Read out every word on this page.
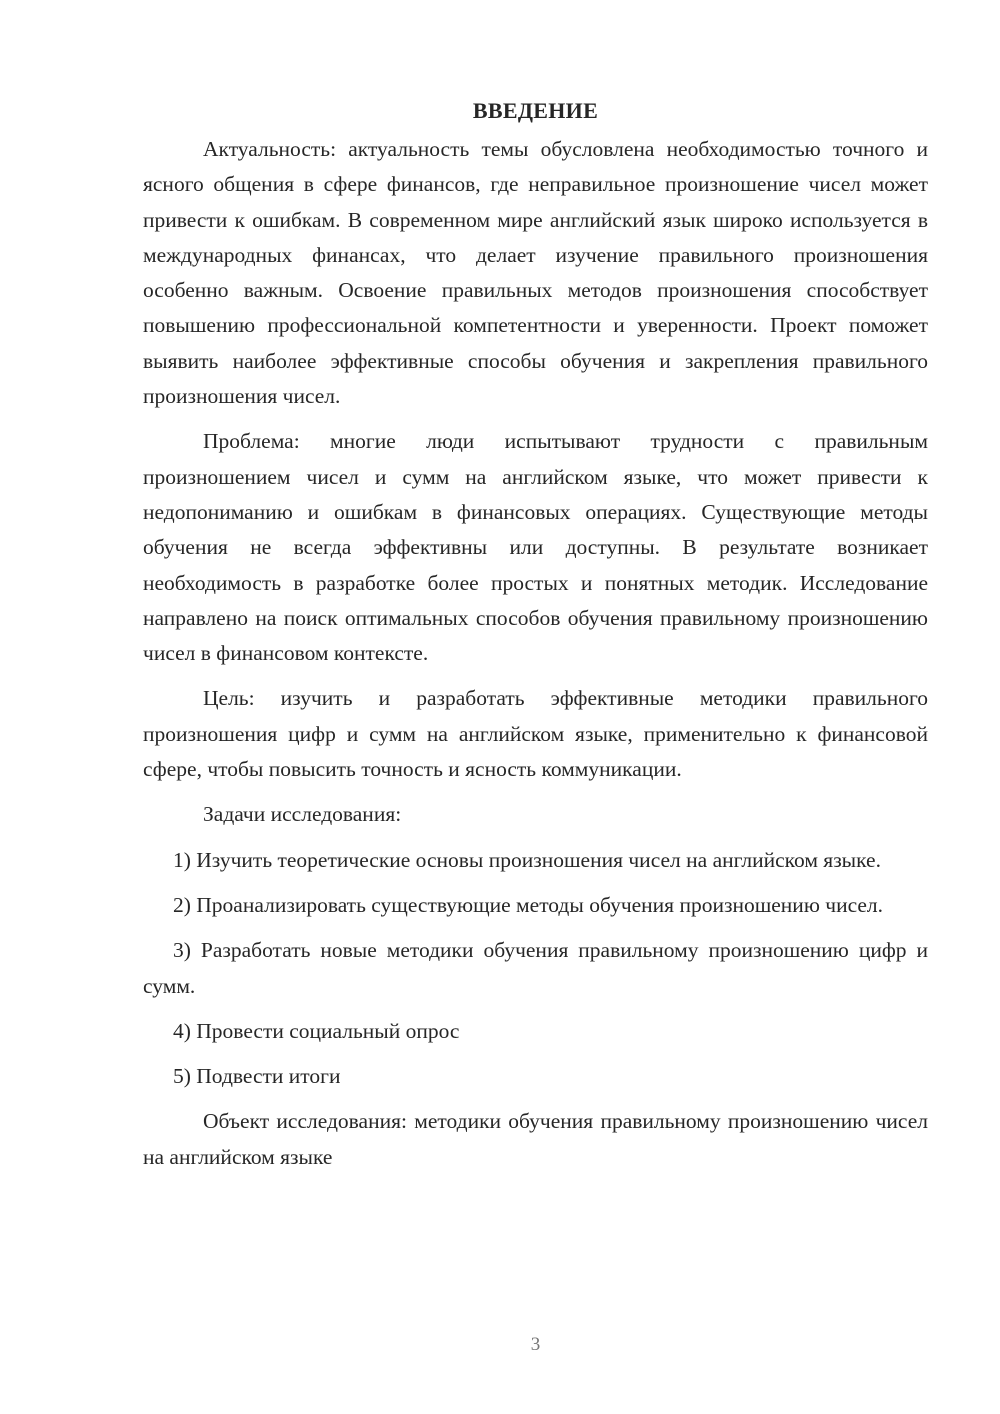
ВВЕДЕНИЕ

Актуальность: актуальность темы обусловлена необходимостью точного и ясного общения в сфере финансов, где неправильное произношение чисел может привести к ошибкам. В современном мире английский язык широко используется в международных финансах, что делает изучение правильного произношения особенно важным. Освоение правильных методов произношения способствует повышению профессиональной компетентности и уверенности. Проект поможет выявить наиболее эффективные способы обучения и закрепления правильного произношения чисел.

Проблема: многие люди испытывают трудности с правильным произношением чисел и сумм на английском языке, что может привести к недопониманию и ошибкам в финансовых операциях. Существующие методы обучения не всегда эффективны или доступны. В результате возникает необходимость в разработке более простых и понятных методик. Исследование направлено на поиск оптимальных способов обучения правильному произношению чисел в финансовом контексте.

Цель: изучить и разработать эффективные методики правильного произношения цифр и сумм на английском языке, применительно к финансовой сфере, чтобы повысить точность и ясность коммуникации.

Задачи исследования:

1) Изучить теоретические основы произношения чисел на английском языке.

2) Проанализировать существующие методы обучения произношению чисел.

3) Разработать новые методики обучения правильному произношению цифр и сумм.

4) Провести социальный опрос

5) Подвести итоги

Объект исследования: методики обучения правильному произношению чисел на английском языке

3
